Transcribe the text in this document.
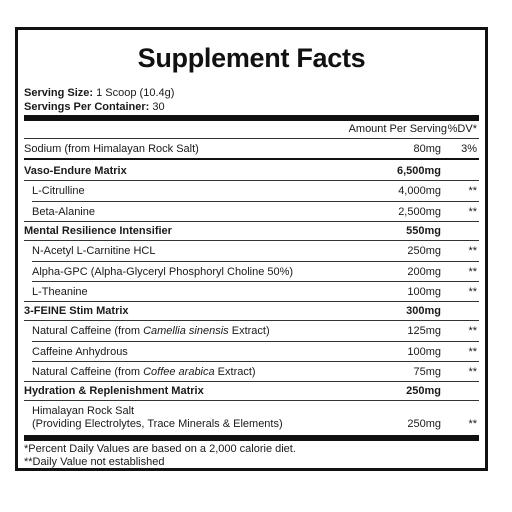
Supplement Facts
Serving Size: 1 Scoop (10.4g)
Servings Per Container: 30
Amount Per Serving %DV*
Sodium (from Himalayan Rock Salt)	80mg 3%
Vaso-Endure Matrix	6,500mg
L-Citrulline	4,000mg **
Beta-Alanine	2,500mg **
Mental Resilience Intensifier	550mg
N-Acetyl L-Carnitine HCL	250mg **
Alpha-GPC (Alpha-Glyceryl Phosphoryl Choline 50%)	200mg **
L-Theanine	100mg **
3-FEINE Stim Matrix	300mg
Natural Caffeine (from Camellia sinensis Extract)	125mg **
Caffeine Anhydrous	100mg **
Natural Caffeine (from Coffee arabica Extract)	75mg **
Hydration & Replenishment Matrix	250mg
Himalayan Rock Salt
(Providing Electrolytes, Trace Minerals & Elements)	250mg **
*Percent Daily Values are based on a 2,000 calorie diet.
**Daily Value not established
